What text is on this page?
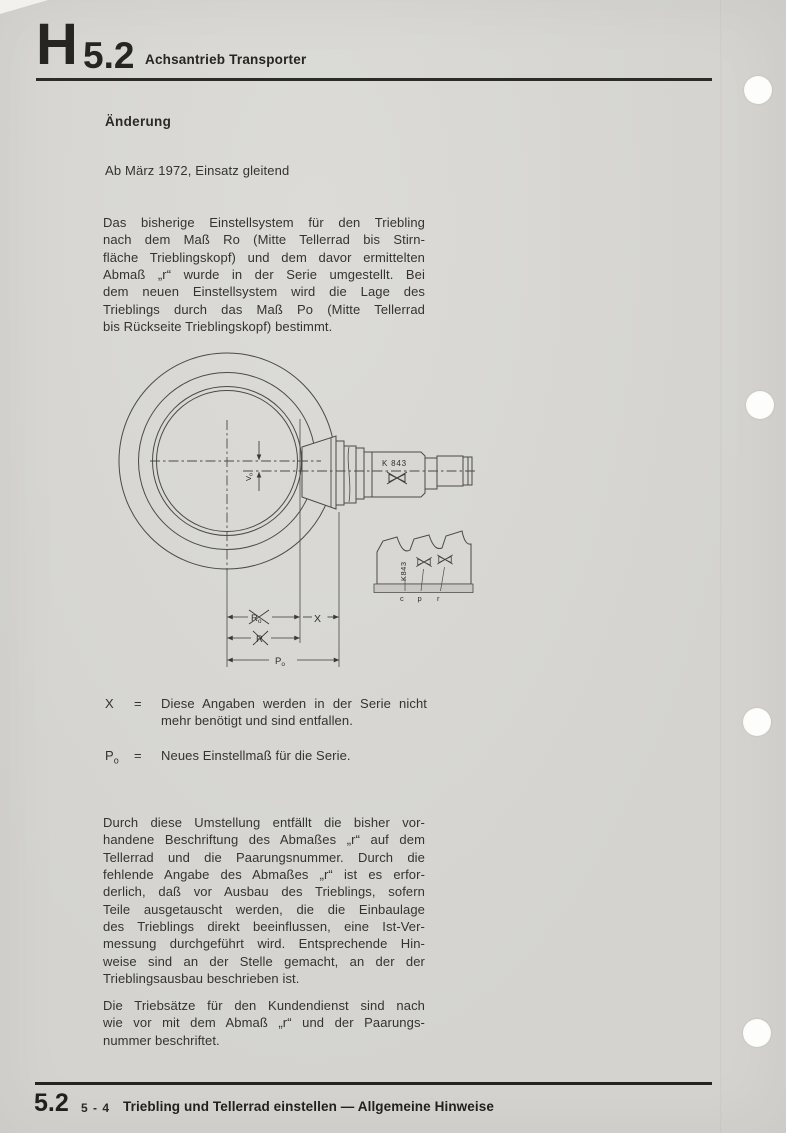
H 5.2 Achsantrieb Transporter
Änderung
Ab März 1972, Einsatz gleitend
Das bisherige Einstellsystem für den Triebling
nach dem Maß Ro (Mitte Tellerrad bis Stirn-
fläche Trieblingskopf) und dem davor ermittelten
Abmaß „r“ wurde in der Serie umgestellt. Bei
dem neuen Einstellsystem wird die Lage des
Trieblings durch das Maß Po (Mitte Tellerrad
bis Rückseite Trieblingskopf) bestimmt.
K 843
$V_o$
Ro	X
R
Po
K843
c p r
X	=	Diese Angaben werden in der Serie nicht
mehr benötigt und sind entfallen.
$P_o$	=	Neues Einstellmaß für die Serie.
Durch diese Umstellung entfällt die bisher vor-
handene Beschriftung des Abmaßes „r“ auf dem
Tellerrad und die Paarungsnummer. Durch die
fehlende Angabe des Abmaßes „r“ ist es erfor-
derlich, daß vor Ausbau des Trieblings, sofern
Teile ausgetauscht werden, die die Einbaulage
des Trieblings direkt beeinflussen, eine Ist-Ver-
messung durchgeführt wird. Entsprechende Hin-
weise sind an der Stelle gemacht, an der der
Trieblingsausbau beschrieben ist.
Die Triebsätze für den Kundendienst sind nach
wie vor mit dem Abmaß „r“ und der Paarungs-
nummer beschriftet.
5.2 5 - 4 Triebling und Tellerrad einstellen — Allgemeine Hinweise
